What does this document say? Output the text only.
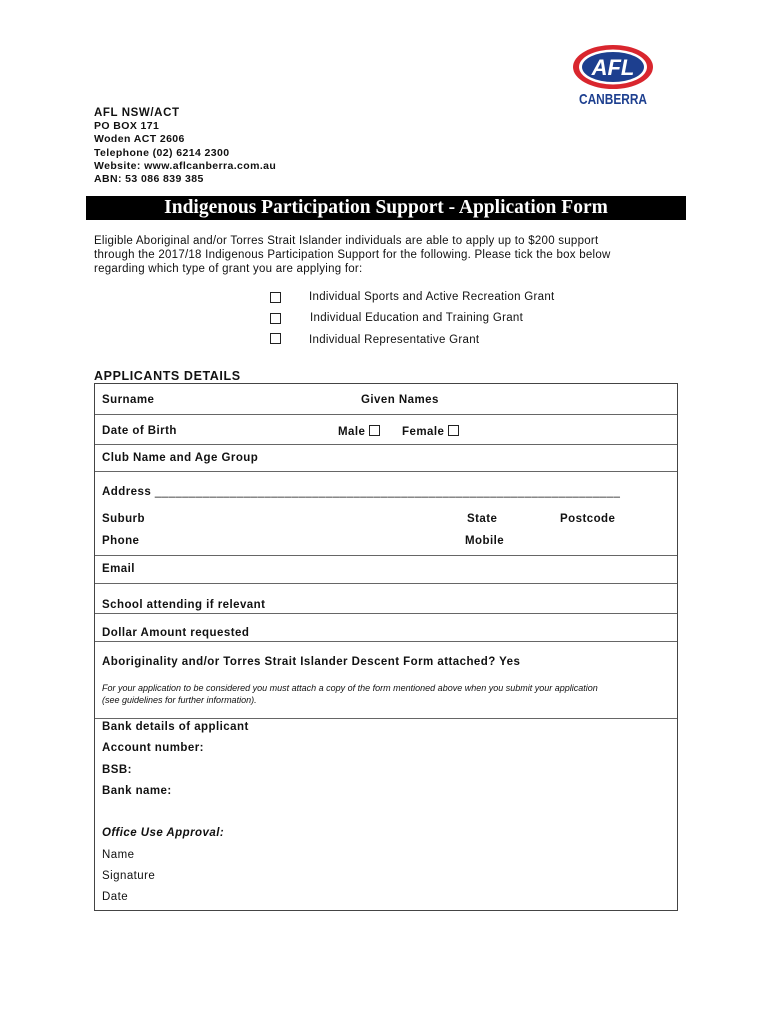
AFL NSW/ACT
PO BOX 171
Woden ACT 2606
Telephone (02) 6214 2300
Website: www.aflcanberra.com.au
ABN: 53 086 839 385
AFL
CANBERRA
Indigenous Participation Support - Application Form
Eligible Aboriginal and/or Torres Strait Islander individuals are able to apply up to $200 support
through the 2017/18 Indigenous Participation Support for the following. Please tick the box below
regarding which type of grant you are applying for:
Individual Sports and Active Recreation Grant
Individual Education and Training Grant
Individual Representative Grant
APPLICANTS DETAILS
Surname	Given Names
Date of Birth	Male	Female
Club Name and Age Group
Address ____________________________________________________________________
Suburb	State	Postcode
Phone	Mobile
Email
School attending if relevant
Dollar Amount requested
Aboriginality and/or Torres Strait Islander Descent Form attached? Yes
For your application to be considered you must attach a copy of the form mentioned above when you submit your application
(see guidelines for further information).
Bank details of applicant
Account number:
BSB:
Bank name:
Office Use Approval:
Name
Signature
Date
